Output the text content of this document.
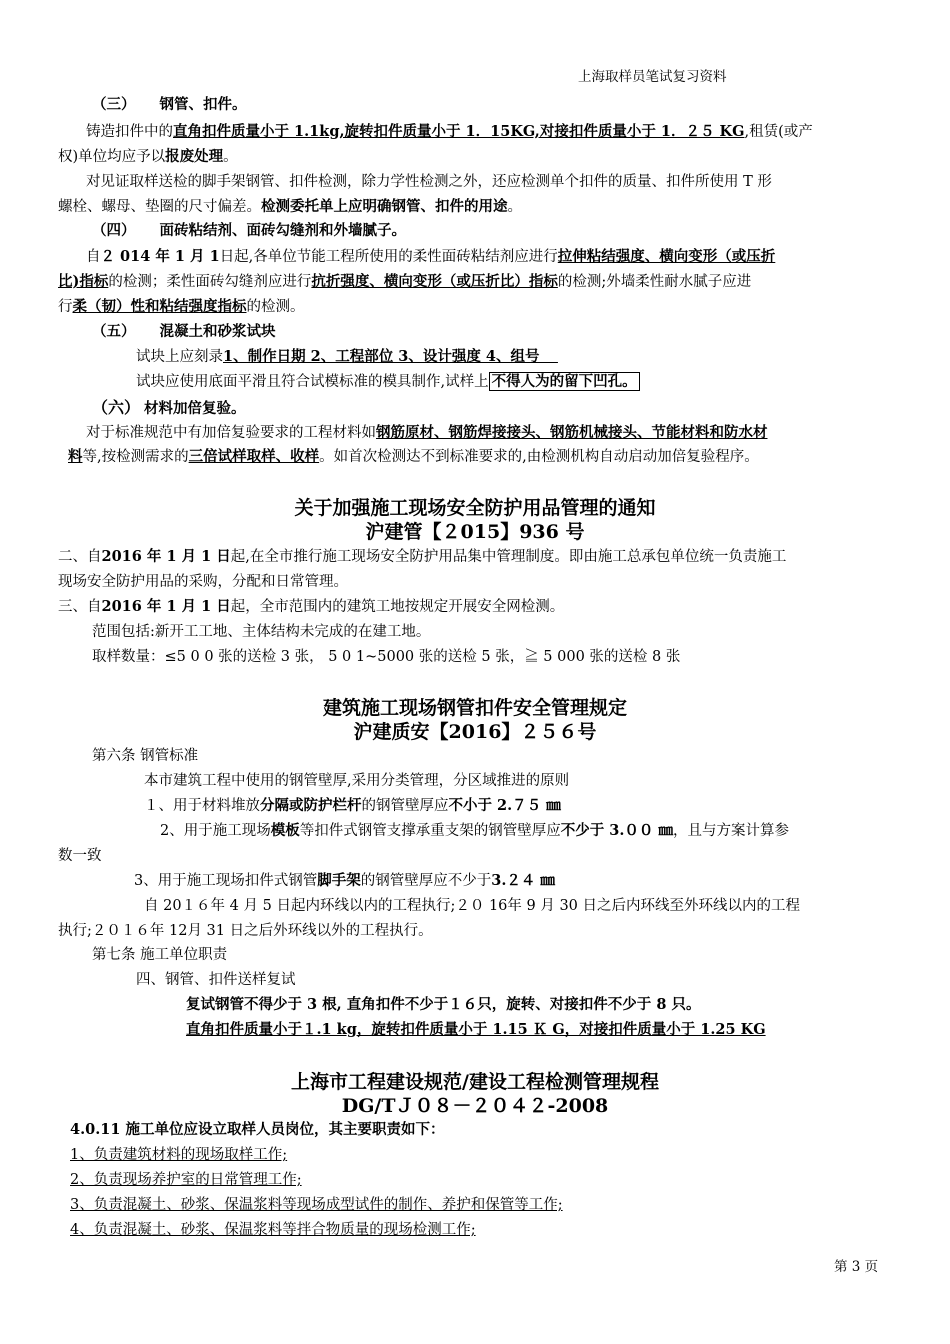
上海取样员笔试复习资料
（三） 钢管、扣件。
铸造扣件中的直角扣件质量小于 1.1kg,旋转扣件质量小于 1．15KG,对接扣件质量小于 1．２５ KG,租赁(或产
权)单位均应予以报废处理。
对见证取样送检的脚手架钢管、扣件检测，除力学性检测之外，还应检测单个扣件的质量、扣件所使用 T 形
螺栓、螺母、垫圈的尺寸偏差。检测委托单上应明确钢管、扣件的用途。
（四） 面砖粘结剂、面砖勾缝剂和外墙腻子。
自２ 014 年 1 月 1日起,各单位节能工程所使用的柔性面砖粘结剂应进行拉伸粘结强度、横向变形（或压折
比)指标的检测；柔性面砖勾缝剂应进行抗折强度、横向变形（或压折比）指标的检测;外墙柔性耐水腻子应进
行柔（韧）性和粘结强度指标的检测。
（五） 混凝土和砂浆试块
试块上应刻录1、制作日期 2、工程部位 3、设计强度 4、组号
试块应使用底面平滑且符合试模标准的模具制作,试样上 不得人为的留下凹孔。
（六） 材料加倍复验。
对于标准规范中有加倍复验要求的工程材料如钢筋原材、钢筋焊接接头、钢筋机械接头、节能材料和防水材
料等,按检测需求的三倍试样取样、收样。如首次检测达不到标准要求的,由检测机构自动启动加倍复验程序。
关于加强施工现场安全防护用品管理的通知
沪建管【２015】936 号
二、自2016 年 1 月 1 日起,在全市推行施工现场安全防护用品集中管理制度。即由施工总承包单位统一负责施工
现场安全防护用品的采购，分配和日常管理。
三、自2016 年 1 月 1 日起，全市范围内的建筑工地按规定开展安全网检测。
范围包括:新开工工地、主体结构未完成的在建工地。
取样数量：≤5 0 0 张的送检 3 张， 5 0 1~5000 张的送检 5 张，≧ 5 000 张的送检 8 张
建筑施工现场钢管扣件安全管理规定
沪建质安【2016】２５６号
第六条 钢管标准
本市建筑工程中使用的钢管壁厚,采用分类管理，分区域推进的原则
１、用于材料堆放分隔或防护栏杆的钢管壁厚应不小于 2.７５ ㎜
2、用于施工现场模板等扣件式钢管支撑承重支架的钢管壁厚应不少于 3.００ ㎜，且与方案计算参
数一致
3、用于施工现场扣件式钢管脚手架的钢管壁厚应不少于3.２４ ㎜
自 20１６年 4 月 5 日起内环线以内的工程执行;２０ 16年 9 月 30 日之后内环线至外环线以内的工程
执行;２０１６年 12月 31 日之后外环线以外的工程执行。
第七条 施工单位职责
四、钢管、扣件送样复试
复试钢管不得少于 3 根, 直角扣件不少于１６只，旋转、对接扣件不少于 8 只。
直角扣件质量小于１.1 kg，旋转扣件质量小于 1.15 Ｋ G，对接扣件质量小于 1.25 KG
上海市工程建设规范/建设工程检测管理规程
DG/TＪ０８－２０４２-2008
4.0.11 施工单位应设立取样人员岗位，其主要职责如下：
1、负责建筑材料的现场取样工作;
2、负责现场养护室的日常管理工作;
3、负责混凝土、砂浆、保温浆料等现场成型试件的制作、养护和保管等工作;
4、负责混凝土、砂浆、保温浆料等拌合物质量的现场检测工作;
第 3 页
